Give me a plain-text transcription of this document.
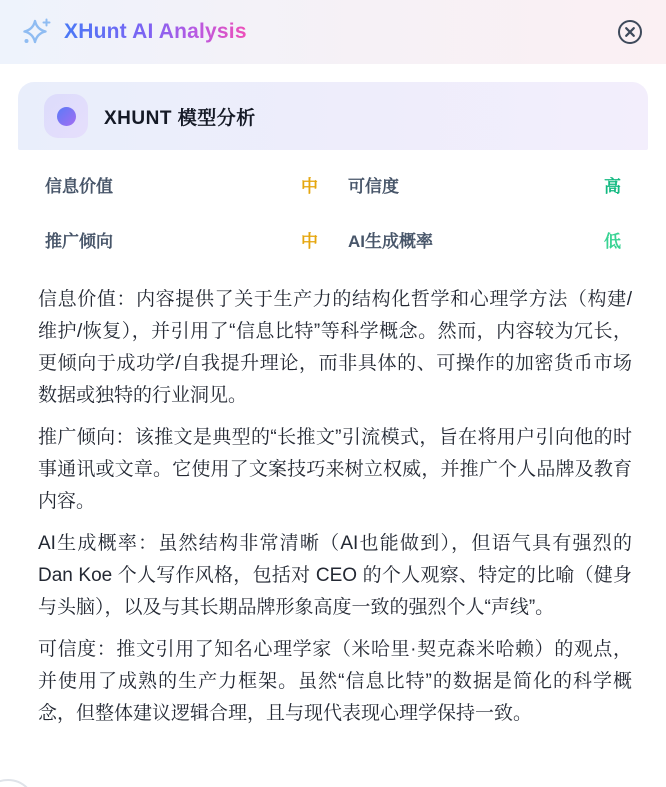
XHunt AI Analysis
XHUNT 模型分析
信息价值	中 可信度	高
推广倾向	中 AI生成概率	低

信息价值：内容提供了关于生产力的结构化哲学和心理学方法（构建/维护/恢复），并引用了“信息比特”等科学概念。然而，内容较为冗长，更倾向于成功学/自我提升理论，而非具体的、可操作的加密货币市场数据或独特的行业洞见。

推广倾向：该推文是典型的“长推文”引流模式，旨在将用户引向他的时事通讯或文章。它使用了文案技巧来树立权威，并推广个人品牌及教育内容。

AI生成概率：虽然结构非常清晰（AI也能做到），但语气具有强烈的 Dan Koe 个人写作风格，包括对 CEO 的个人观察、特定的比喻（健身与头脑），以及与其长期品牌形象高度一致的强烈个人“声线”。

可信度：推文引用了知名心理学家（米哈里·契克森米哈赖）的观点，并使用了成熟的生产力框架。虽然“信息比特”的数据是简化的科学概念，但整体建议逻辑合理，且与现代表现心理学保持一致。
